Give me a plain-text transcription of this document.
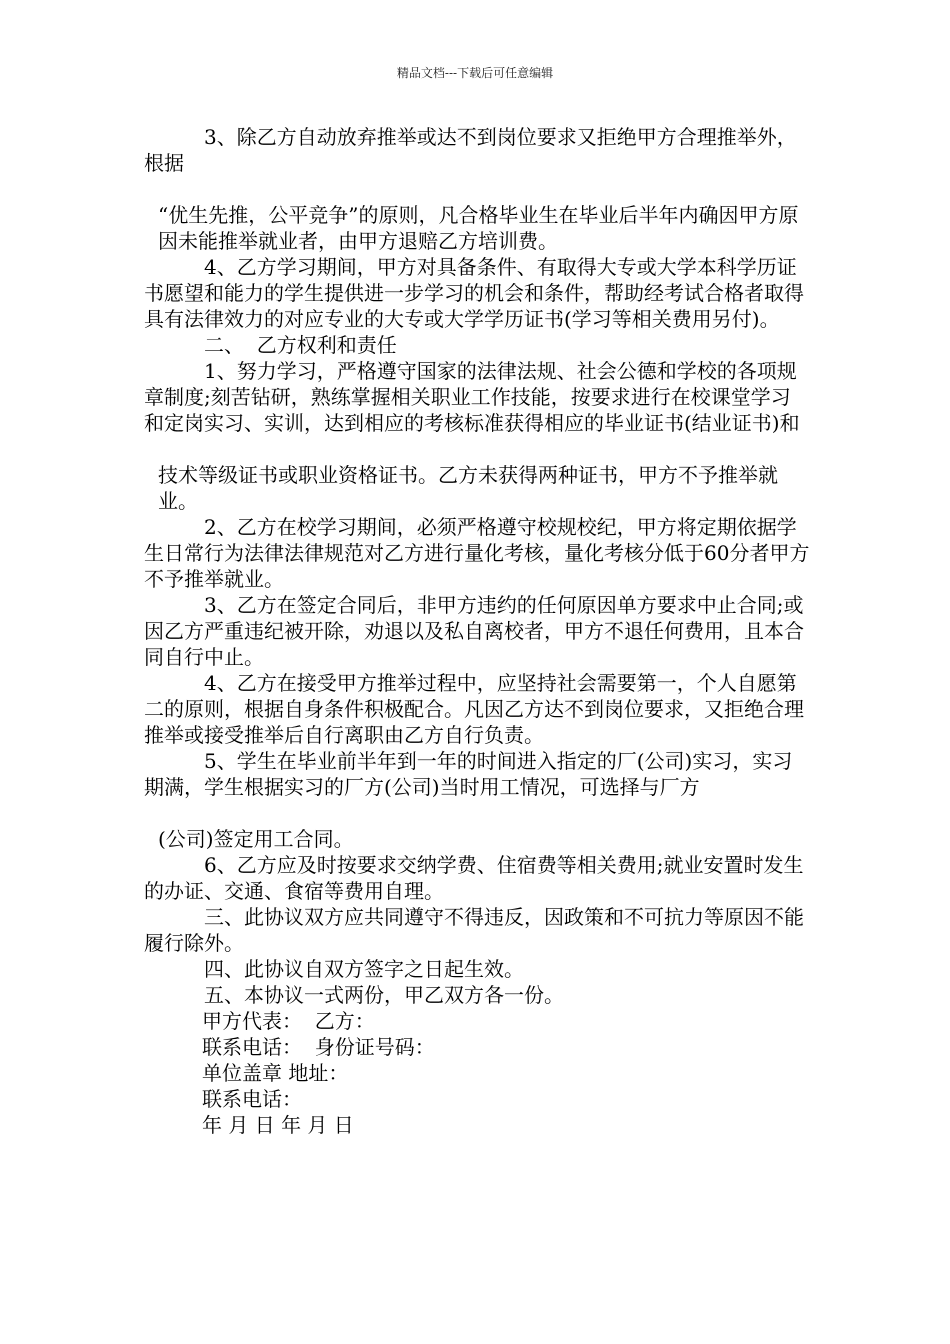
精品文档---下载后可任意编辑

3、除乙方自动放弃推举或达不到岗位要求又拒绝甲方合理推举外，根据

“优生先推，公平竞争”的原则，凡合格毕业生在毕业后半年内确因甲方原因未能推举就业者，由甲方退赔乙方培训费。

4、乙方学习期间，甲方对具备条件、有取得大专或大学本科学历证书愿望和能力的学生提供进一步学习的机会和条件，帮助经考试合格者取得具有法律效力的对应专业的大专或大学学历证书(学习等相关费用另付)。

二、  乙方权利和责任

1、努力学习，严格遵守国家的法律法规、社会公德和学校的各项规章制度;刻苦钻研，熟练掌握相关职业工作技能，按要求进行在校课堂学习和定岗实习、实训，达到相应的考核标准获得相应的毕业证书(结业证书)和

技术等级证书或职业资格证书。乙方未获得两种证书，甲方不予推举就业。

2、乙方在校学习期间，必须严格遵守校规校纪，甲方将定期依据学生日常行为法律法律规范对乙方进行量化考核，量化考核分低于60分者甲方不予推举就业。

3、乙方在签定合同后，非甲方违约的任何原因单方要求中止合同;或因乙方严重违纪被开除，劝退以及私自离校者，甲方不退任何费用，且本合同自行中止。

4、乙方在接受甲方推举过程中，应坚持社会需要第一，个人自愿第二的原则，根据自身条件积极配合。凡因乙方达不到岗位要求，又拒绝合理推举或接受推举后自行离职由乙方自行负责。

5、学生在毕业前半年到一年的时间进入指定的厂(公司)实习，实习期满，学生根据实习的厂方(公司)当时用工情况，可选择与厂方

(公司)签定用工合同。

6、乙方应及时按要求交纳学费、住宿费等相关费用;就业安置时发生的办证、交通、食宿等费用自理。

三、此协议双方应共同遵守不得违反，因政策和不可抗力等原因不能履行除外。

四、此协议自双方签字之日起生效。

五、本协议一式两份，甲乙双方各一份。

甲方代表：  乙方：

联系电话：  身份证号码：

单位盖章 地址：

联系电话：

年 月 日 年 月 日
